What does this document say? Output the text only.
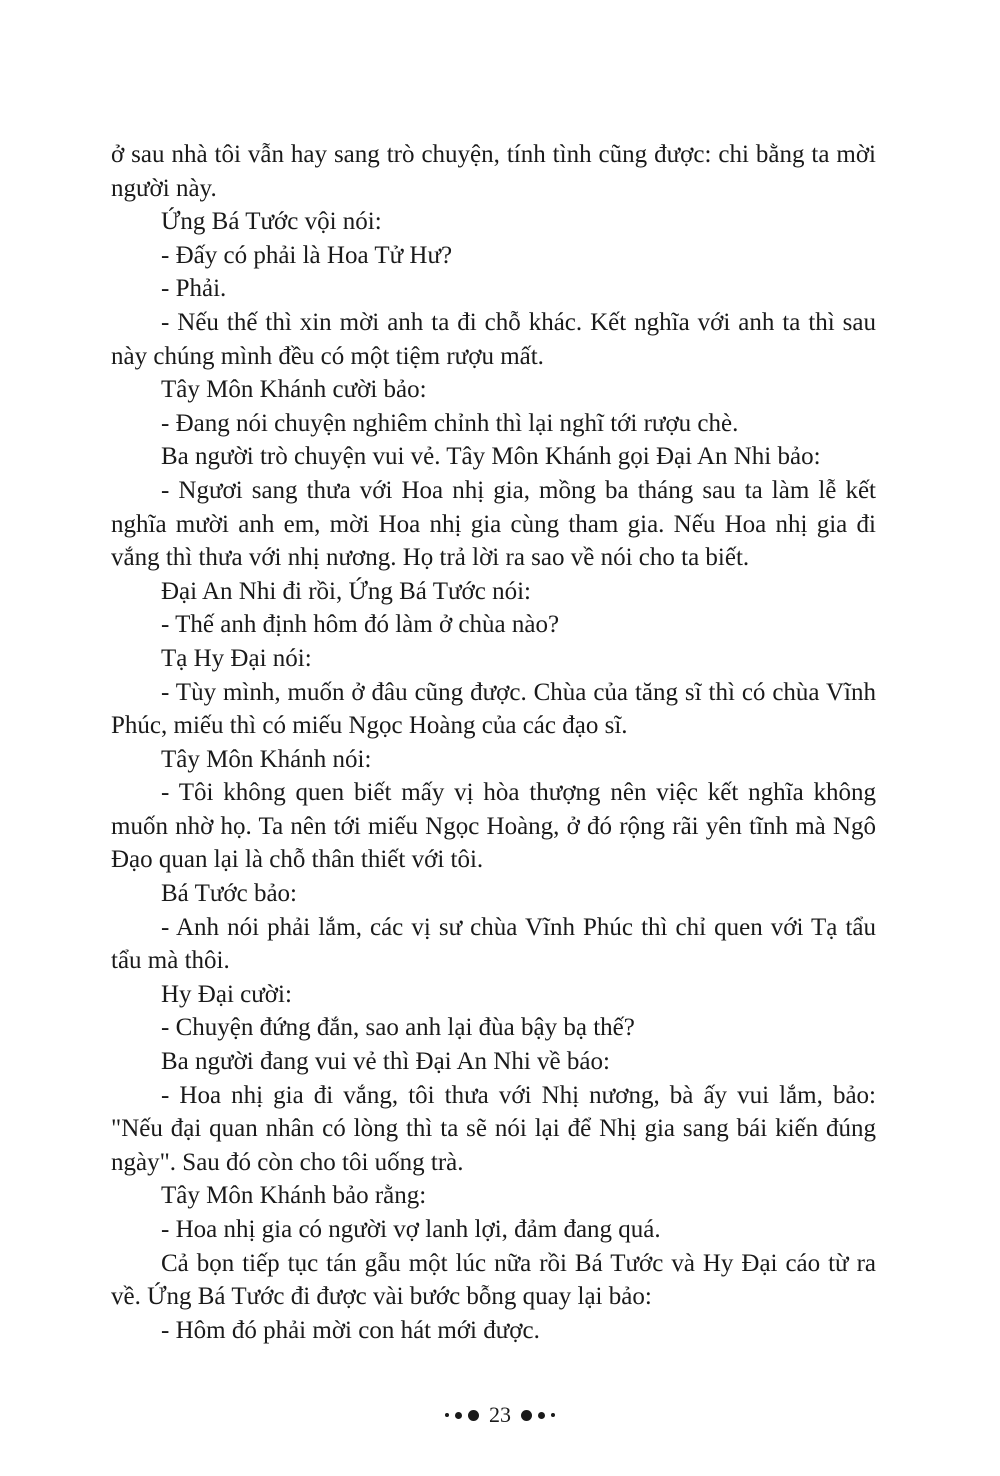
ở sau nhà tôi vẫn hay sang trò chuyện, tính tình cũng được: chi bằng ta mời người này.

Ứng Bá Tước vội nói:

- Đấy có phải là Hoa Tử Hư?

- Phải.

- Nếu thế thì xin mời anh ta đi chỗ khác. Kết nghĩa với anh ta thì sau này chúng mình đều có một tiệm rượu mất.

Tây Môn Khánh cười bảo:

- Đang nói chuyện nghiêm chỉnh thì lại nghĩ tới rượu chè.

Ba người trò chuyện vui vẻ. Tây Môn Khánh gọi Đại An Nhi bảo:

- Ngươi sang thưa với Hoa nhị gia, mồng ba tháng sau ta làm lễ kết nghĩa mười anh em, mời Hoa nhị gia cùng tham gia. Nếu Hoa nhị gia đi vắng thì thưa với nhị nương. Họ trả lời ra sao về nói cho ta biết.

Đại An Nhi đi rồi, Ứng Bá Tước nói:

- Thế anh định hôm đó làm ở chùa nào?

Tạ Hy Đại nói:

- Tùy mình, muốn ở đâu cũng được. Chùa của tăng sĩ thì có chùa Vĩnh Phúc, miếu thì có miếu Ngọc Hoàng của các đạo sĩ.

Tây Môn Khánh nói:

- Tôi không quen biết mấy vị hòa thượng nên việc kết nghĩa không muốn nhờ họ. Ta nên tới miếu Ngọc Hoàng, ở đó rộng rãi yên tĩnh mà Ngô Đạo quan lại là chỗ thân thiết với tôi.

Bá Tước bảo:

- Anh nói phải lắm, các vị sư chùa Vĩnh Phúc thì chỉ quen với Tạ tẩu tẩu mà thôi.

Hy Đại cười:

- Chuyện đứng đắn, sao anh lại đùa bậy bạ thế?

Ba người đang vui vẻ thì Đại An Nhi về báo:

- Hoa nhị gia đi vắng, tôi thưa với Nhị nương, bà ấy vui lắm, bảo: "Nếu đại quan nhân có lòng thì ta sẽ nói lại để Nhị gia sang bái kiến đúng ngày". Sau đó còn cho tôi uống trà.

Tây Môn Khánh bảo rằng:

- Hoa nhị gia có người vợ lanh lợi, đảm đang quá.

Cả bọn tiếp tục tán gẫu một lúc nữa rồi Bá Tước và Hy Đại cáo từ ra về. Ứng Bá Tước đi được vài bước bỗng quay lại bảo:

- Hôm đó phải mời con hát mới được.

23
